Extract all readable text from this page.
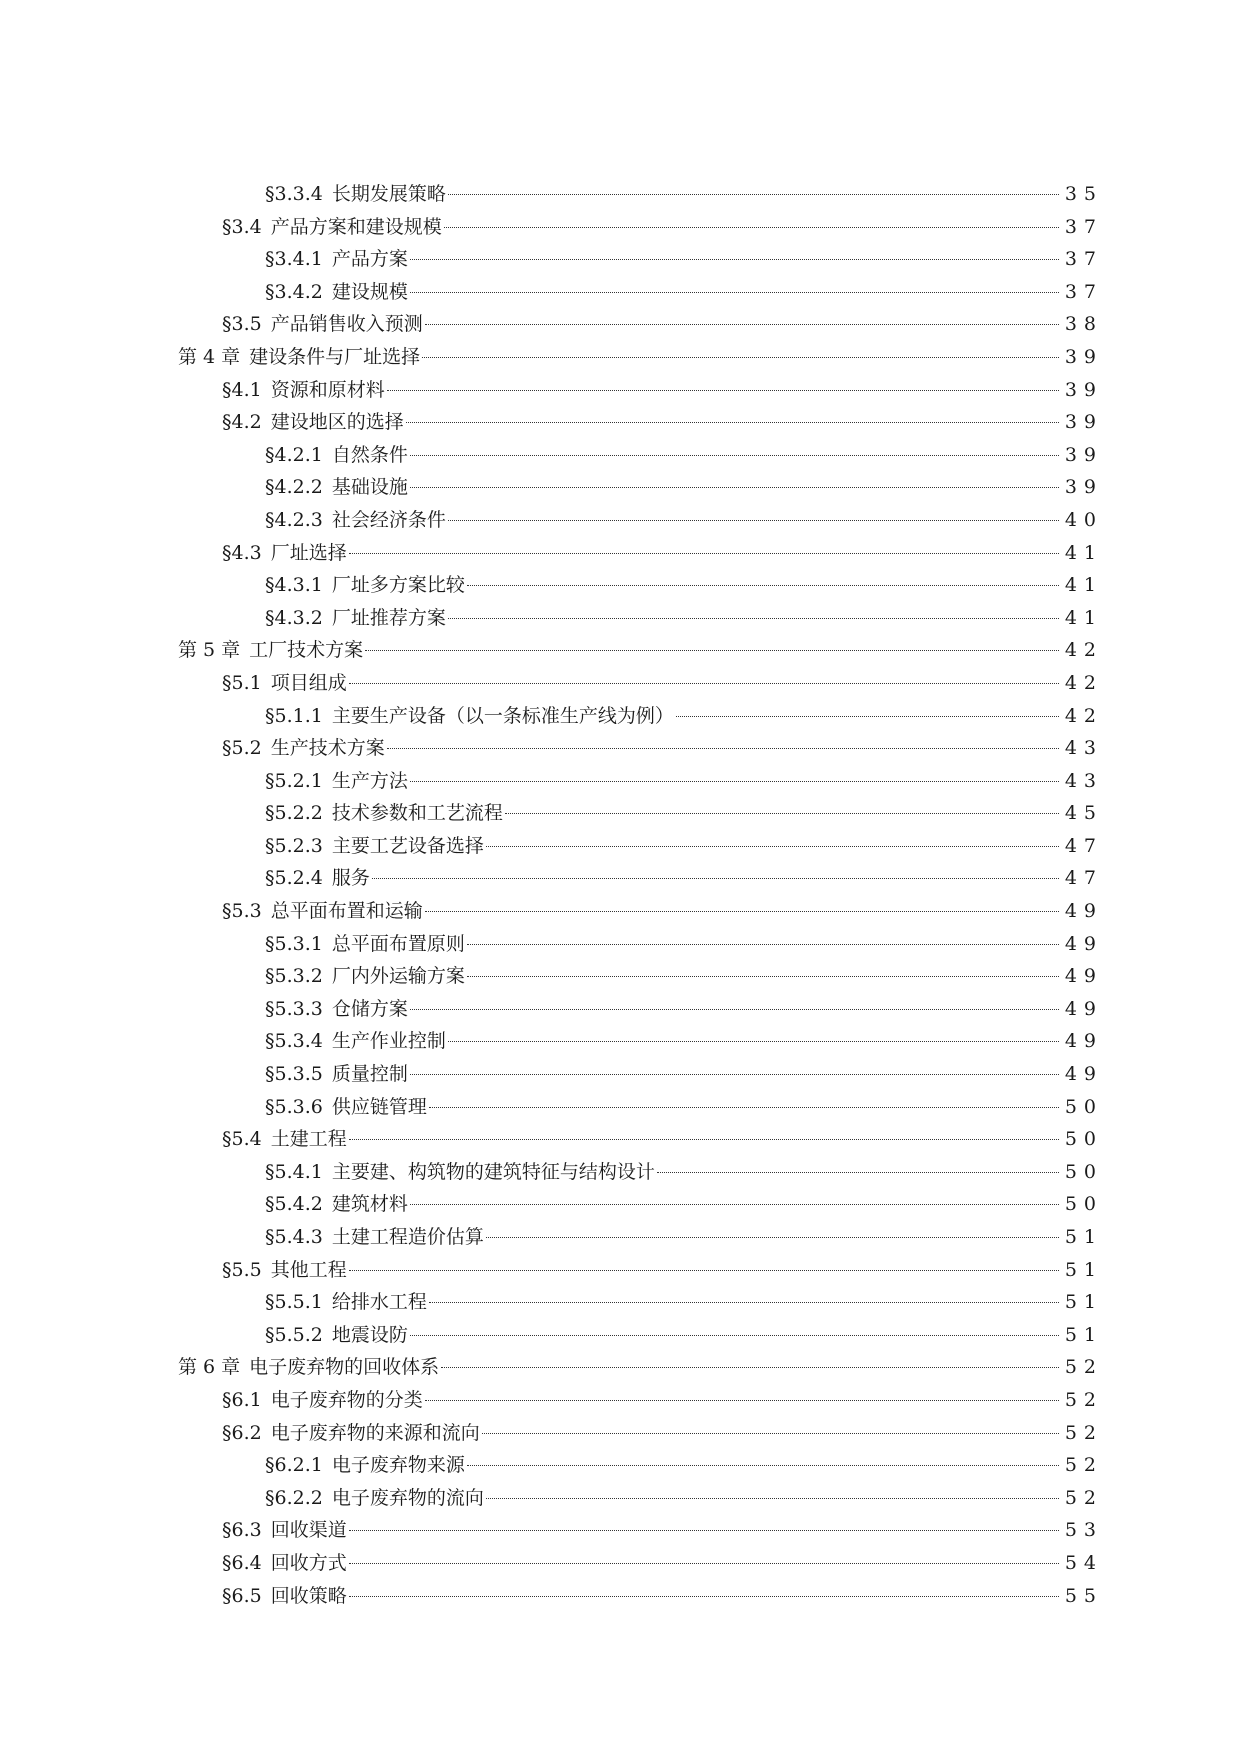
§3.3.4 长期发展策略	35
§3.4 产品方案和建设规模	37
§3.4.1 产品方案	37
§3.4.2 建设规模	37
§3.5 产品销售收入预测	38
第 4 章 建设条件与厂址选择	39
§4.1 资源和原材料	39
§4.2 建设地区的选择	39
§4.2.1 自然条件	39
§4.2.2 基础设施	39
§4.2.3 社会经济条件	40
§4.3 厂址选择	41
§4.3.1 厂址多方案比较	41
§4.3.2 厂址推荐方案	41
第 5 章 工厂技术方案	42
§5.1 项目组成	42
§5.1.1 主要生产设备（以一条标准生产线为例）	42
§5.2 生产技术方案	43
§5.2.1 生产方法	43
§5.2.2 技术参数和工艺流程	45
§5.2.3 主要工艺设备选择	47
§5.2.4 服务	47
§5.3 总平面布置和运输	49
§5.3.1 总平面布置原则	49
§5.3.2 厂内外运输方案	49
§5.3.3 仓储方案	49
§5.3.4 生产作业控制	49
§5.3.5 质量控制	49
§5.3.6 供应链管理	50
§5.4 土建工程	50
§5.4.1 主要建、构筑物的建筑特征与结构设计	50
§5.4.2 建筑材料	50
§5.4.3 土建工程造价估算	51
§5.5 其他工程	51
§5.5.1 给排水工程	51
§5.5.2 地震设防	51
第 6 章 电子废弃物的回收体系	52
§6.1 电子废弃物的分类	52
§6.2 电子废弃物的来源和流向	52
§6.2.1 电子废弃物来源	52
§6.2.2 电子废弃物的流向	52
§6.3 回收渠道	53
§6.4 回收方式	54
§6.5 回收策略	55
